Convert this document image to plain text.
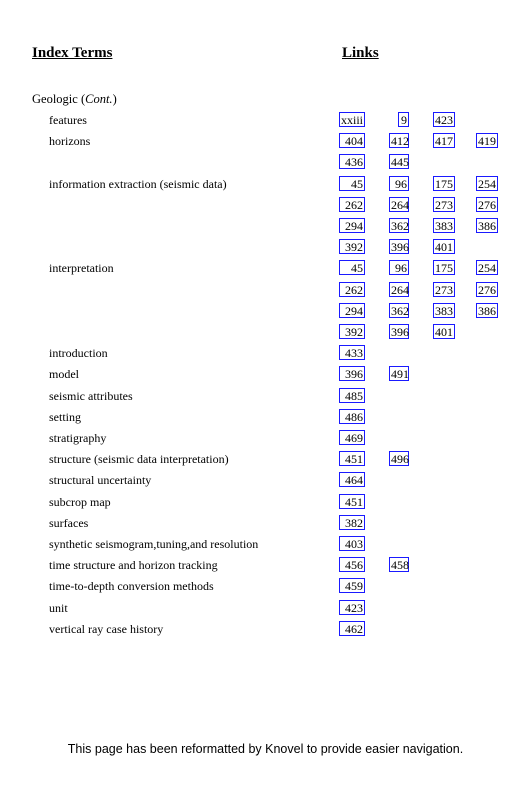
Index Terms	Links
Geologic (Cont.)
features	xxiii	9 423
horizons	404 412 417 419
436 445
information extraction (seismic data)	45	96 175 254
262 264 273 276
294 362 383 386
392 396 401
interpretation	45	96 175 254
262 264 273 276
294 362 383 386
392 396 401
introduction	433
model	396 491
seismic attributes	485
setting	486
stratigraphy	469
structure (seismic data interpretation)	451 496
structural uncertainty	464
subcrop map	451
surfaces	382
synthetic seismogram,tuning,and resolution	403
time structure and horizon tracking	456 458
time-to-depth conversion methods	459
unit	423
vertical ray case history	462
This page has been reformatted by Knovel to provide easier navigation.
